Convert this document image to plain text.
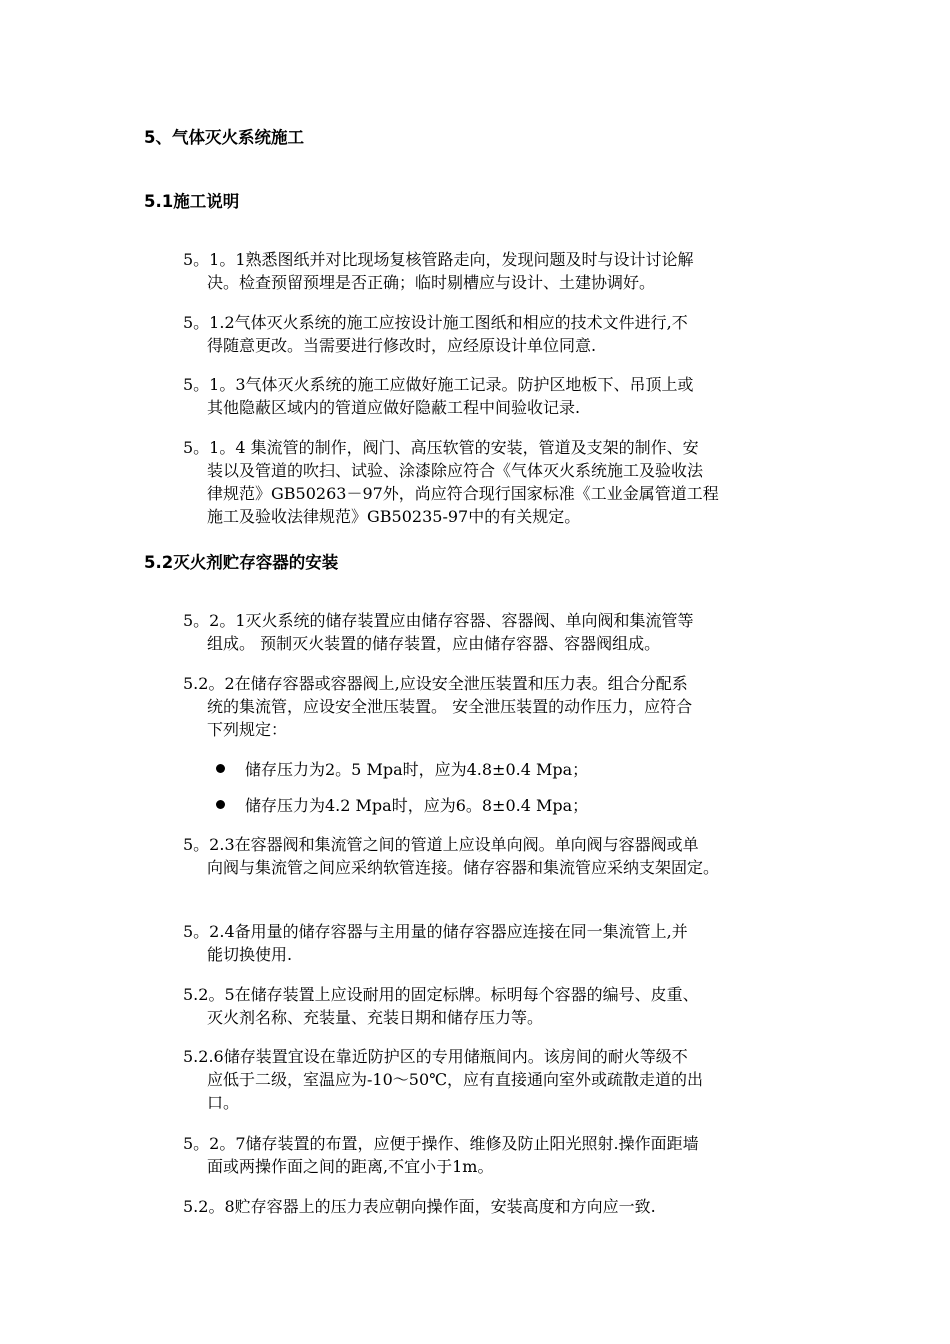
5、气体灭火系统施工
5.1施工说明
5。1。1熟悉图纸并对比现场复核管路走向，发现问题及时与设计讨论解
决。检查预留预埋是否正确；临时剔槽应与设计、土建协调好。
5。1.2气体灭火系统的施工应按设计施工图纸和相应的技术文件进行,不
得随意更改。当需要进行修改时，应经原设计单位同意.
5。1。3气体灭火系统的施工应做好施工记录。防护区地板下、吊顶上或
其他隐蔽区域内的管道应做好隐蔽工程中间验收记录.
5。1。4 集流管的制作，阀门、高压软管的安装，管道及支架的制作、安
装以及管道的吹扫、试验、涂漆除应符合《气体灭火系统施工及验收法
律规范》GB50263－97外，尚应符合现行国家标准《工业金属管道工程
施工及验收法律规范》GB50235-97中的有关规定。
5.2灭火剂贮存容器的安装
5。2。1灭火系统的储存装置应由储存容器、容器阀、单向阀和集流管等
组成。 预制灭火装置的储存装置，应由储存容器、容器阀组成。
5.2。2在储存容器或容器阀上,应设安全泄压装置和压力表。组合分配系
统的集流管，应设安全泄压装置。 安全泄压装置的动作压力，应符合
下列规定：
储存压力为2。5 Mpa时，应为4.8±0.4 Mpa；
储存压力为4.2 Mpa时，应为6。8±0.4 Mpa；
5。2.3在容器阀和集流管之间的管道上应设单向阀。单向阀与容器阀或单
向阀与集流管之间应采纳软管连接。储存容器和集流管应采纳支架固定。
5。2.4备用量的储存容器与主用量的储存容器应连接在同一集流管上,并
能切换使用.
5.2。5在储存装置上应设耐用的固定标牌。标明每个容器的编号、皮重、
灭火剂名称、充装量、充装日期和储存压力等。
5.2.6储存装置宜设在靠近防护区的专用储瓶间内。该房间的耐火等级不
应低于二级，室温应为-10～50℃，应有直接通向室外或疏散走道的出
口。
5。2。7储存装置的布置，应便于操作、维修及防止阳光照射.操作面距墙
面或两操作面之间的距离,不宜小于1m。
5.2。8贮存容器上的压力表应朝向操作面，安装高度和方向应一致.
